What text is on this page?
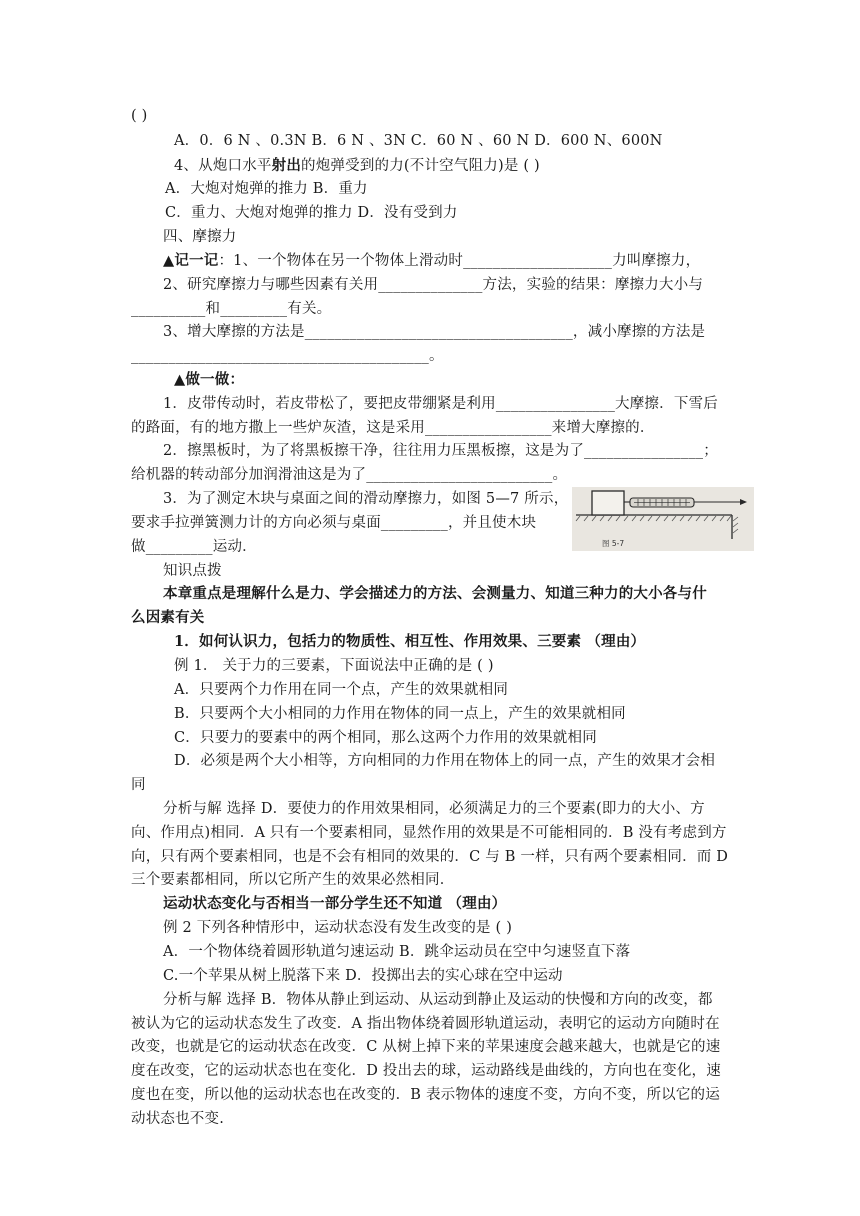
( )
A．0．6 N 、0.3N B．6 N 、3N C．60 N 、60 N D．600 N、600N
4、从炮口水平射出的炮弹受到的力(不计空气阻力)是 ( )
A．大炮对炮弹的推力 B．重力
C．重力、大炮对炮弹的推力 D．没有受到力
四、摩擦力
▲记一记：1、一个物体在另一个物体上滑动时____________________力叫摩擦力，
2、研究摩擦力与哪些因素有关用______________方法，实验的结果：摩擦力大小与
__________和_________有关。
3、增大摩擦的方法是____________________________________，减小摩擦的方法是
________________________________________。
▲做一做：
1．皮带传动时，若皮带松了，要把皮带绷紧是利用________________大摩擦．下雪后
的路面，有的地方撒上一些炉灰渣，这是采用_________________来增大摩擦的．
2．擦黑板时，为了将黑板擦干净，往往用力压黑板擦，这是为了________________；
给机器的转动部分加润滑油这是为了_________________________。
3．为了测定木块与桌面之间的滑动摩擦力，如图 5—7 所示，
要求手拉弹簧测力计的方向必须与桌面_________，并且使木块
做_________运动．	图 5-7
知识点拨
本章重点是理解什么是力、学会描述力的方法、会测量力、知道三种力的大小各与什
么因素有关
1．如何认识力，包括力的物质性、相互性、作用效果、三要素 （理由）
例 1． 关于力的三要素，下面说法中正确的是 ( )
A．只要两个力作用在同一个点，产生的效果就相同
B．只要两个大小相同的力作用在物体的同一点上，产生的效果就相同
C．只要力的要素中的两个相同，那么这两个力作用的效果就相同
D．必须是两个大小相等，方向相同的力作用在物体上的同一点，产生的效果才会相
同
分析与解 选择 D．要使力的作用效果相同，必须满足力的三个要素(即力的大小、方
向、作用点)相同．A 只有一个要素相同，显然作用的效果是不可能相同的．B 没有考虑到方
向，只有两个要素相同，也是不会有相同的效果的．C 与 B 一样，只有两个要素相同．而 D
三个要素都相同，所以它所产生的效果必然相同．
运动状态变化与否相当一部分学生还不知道 （理由）
例 2 下列各种情形中，运动状态没有发生改变的是 ( )
A．一个物体绕着圆形轨道匀速运动 B．跳伞运动员在空中匀速竖直下落
C.一个苹果从树上脱落下来 D．投掷出去的实心球在空中运动
分析与解 选择 B．物体从静止到运动、从运动到静止及运动的快慢和方向的改变，都
被认为它的运动状态发生了改变．A 指出物体绕着圆形轨道运动，表明它的运动方向随时在
改变，也就是它的运动状态在改变．C 从树上掉下来的苹果速度会越来越大，也就是它的速
度在改变，它的运动状态也在变化．D 投出去的球，运动路线是曲线的，方向也在变化，速
度也在变，所以他的运动状态也在改变的．B 表示物体的速度不变，方向不变，所以它的运
动状态也不变.
